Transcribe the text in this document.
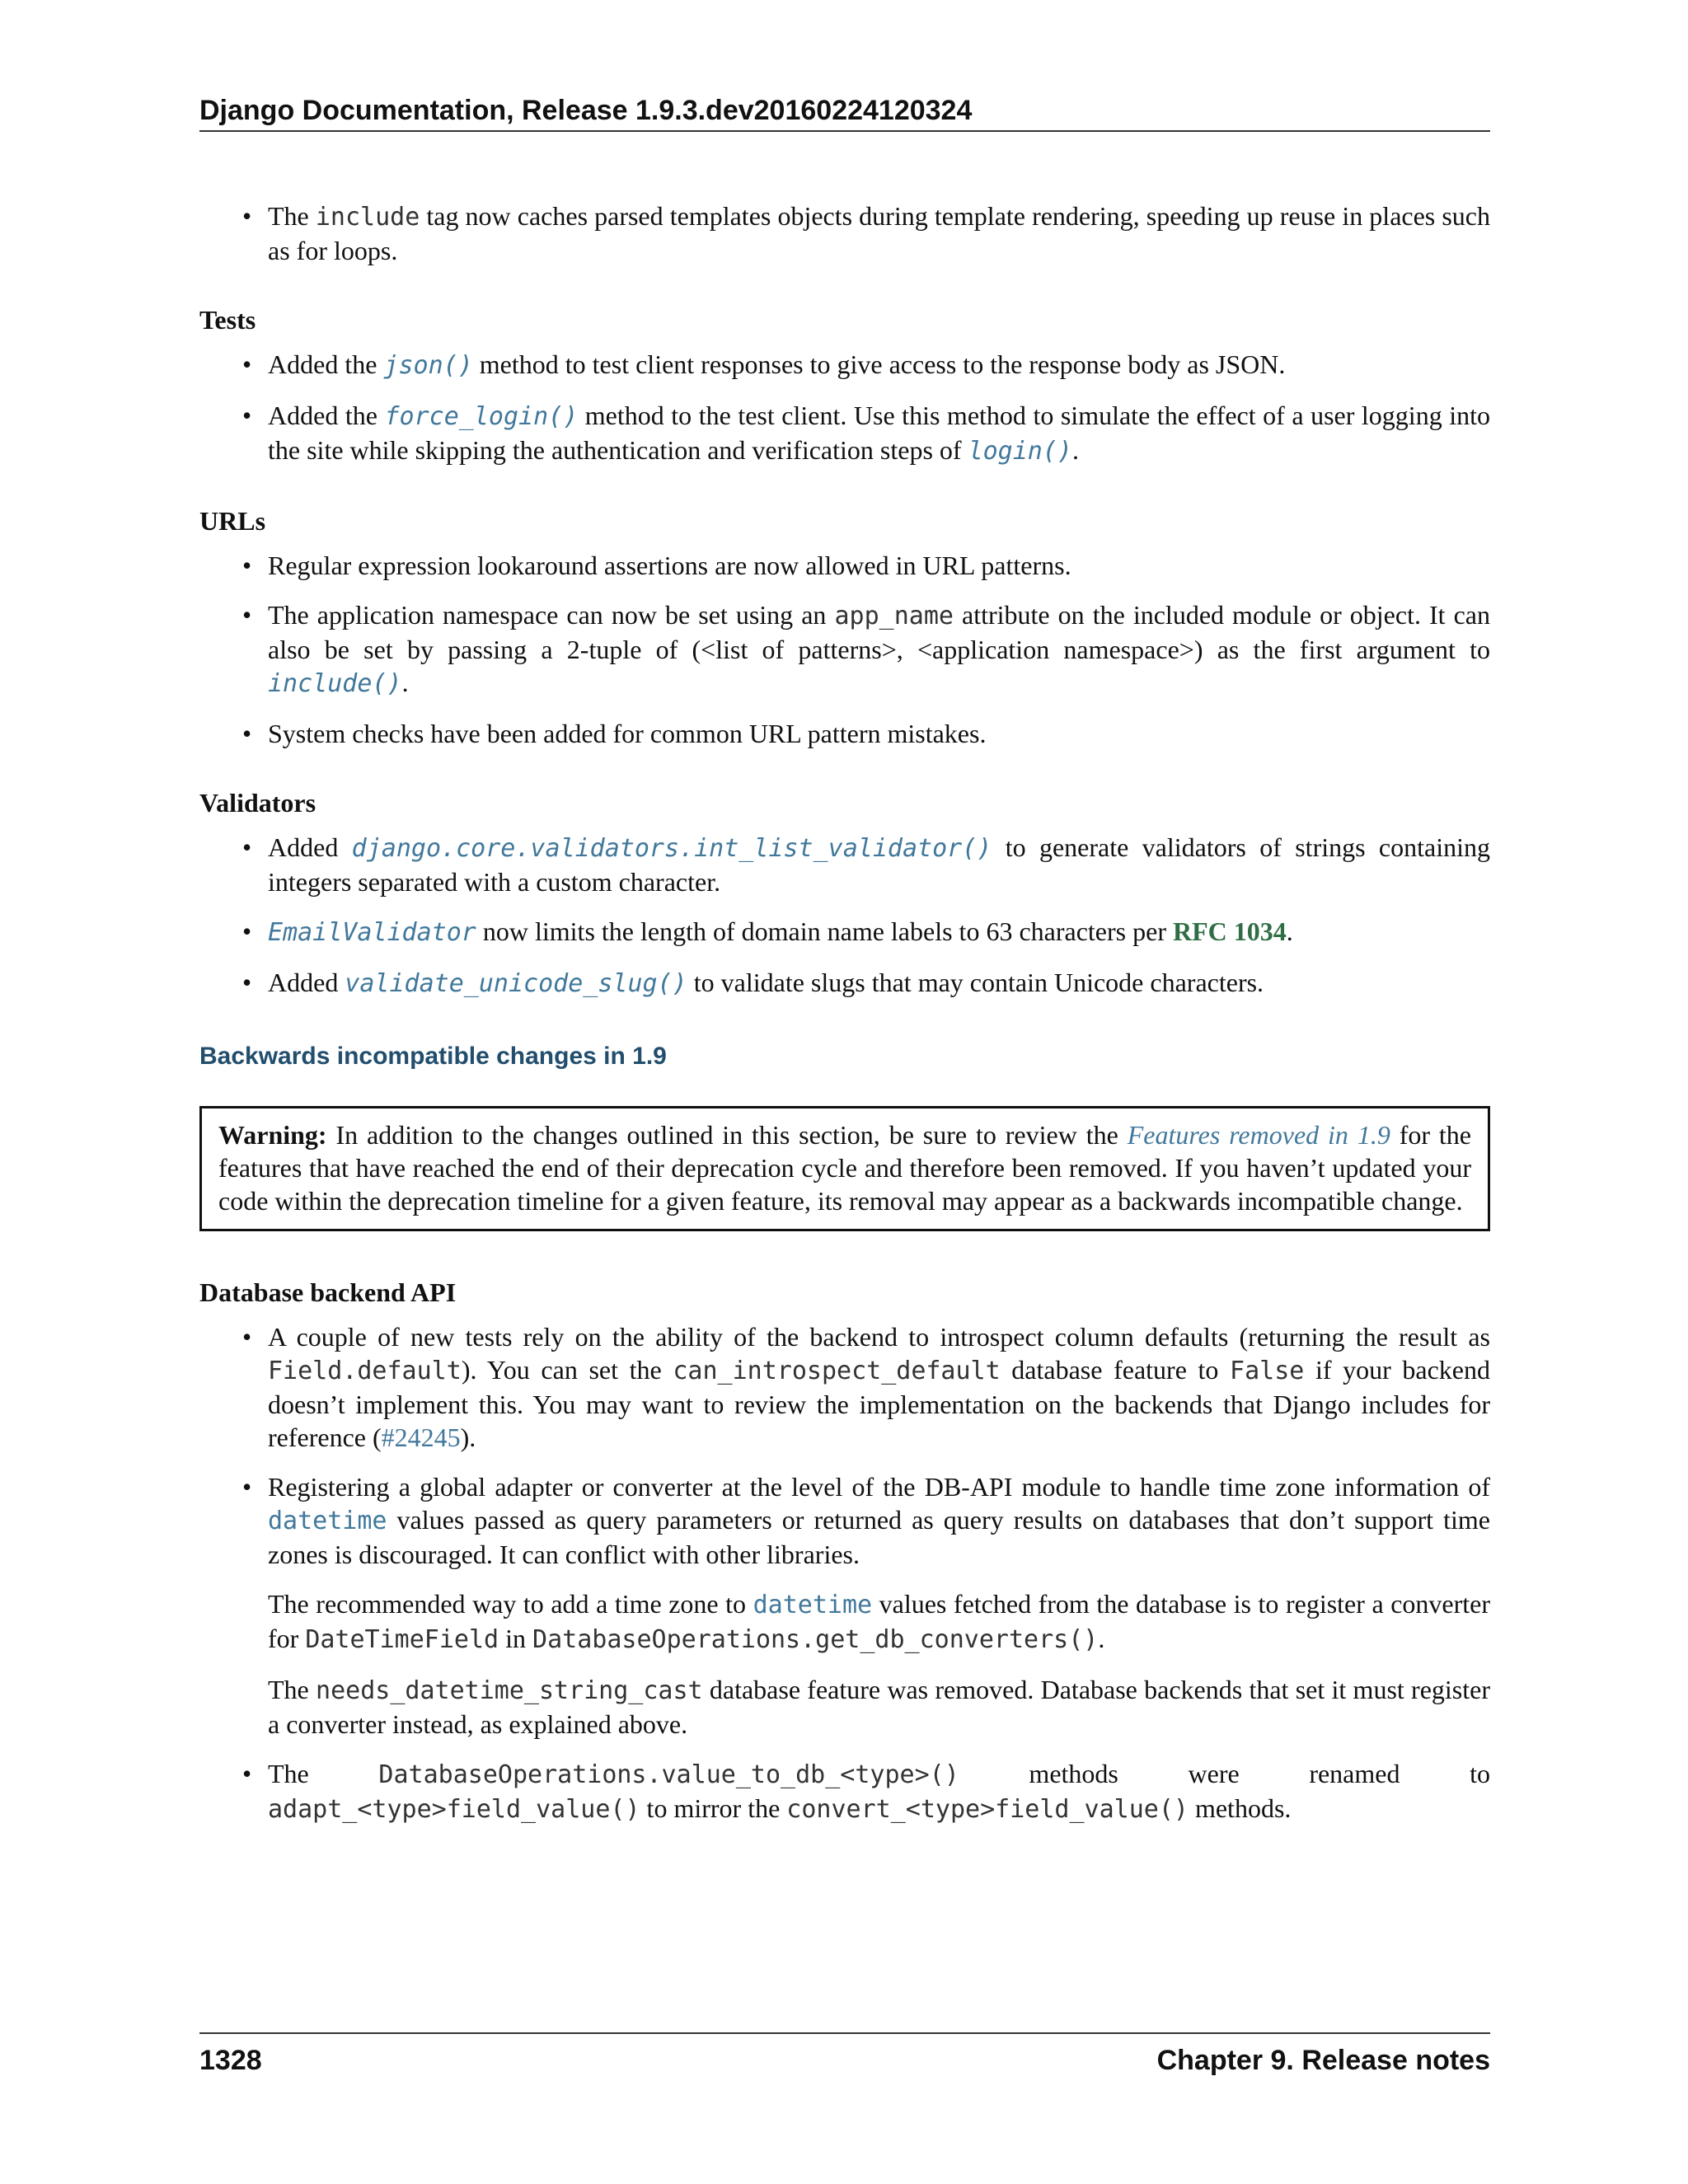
Django Documentation, Release 1.9.3.dev20160224120324
• The include tag now caches parsed templates objects during template rendering, speeding up reuse in places such as for loops.
Tests
• Added the json() method to test client responses to give access to the response body as JSON.
• Added the force_login() method to the test client. Use this method to simulate the effect of a user logging into the site while skipping the authentication and verification steps of login().
URLs
• Regular expression lookaround assertions are now allowed in URL patterns.
• The application namespace can now be set using an app_name attribute on the included module or object. It can also be set by passing a 2-tuple of (<list of patterns>, <application namespace>) as the first argument to include().
• System checks have been added for common URL pattern mistakes.
Validators
• Added django.core.validators.int_list_validator() to generate validators of strings containing integers separated with a custom character.
• EmailValidator now limits the length of domain name labels to 63 characters per RFC 1034.
• Added validate_unicode_slug() to validate slugs that may contain Unicode characters.
Backwards incompatible changes in 1.9
Warning: In addition to the changes outlined in this section, be sure to review the Features removed in 1.9 for the features that have reached the end of their deprecation cycle and therefore been removed. If you haven’t updated your code within the deprecation timeline for a given feature, its removal may appear as a backwards incompatible change.
Database backend API
• A couple of new tests rely on the ability of the backend to introspect column defaults (returning the result as Field.default). You can set the can_introspect_default database feature to False if your backend doesn’t implement this. You may want to review the implementation on the backends that Django includes for reference (#24245).
• Registering a global adapter or converter at the level of the DB-API module to handle time zone information of datetime values passed as query parameters or returned as query results on databases that don’t support time zones is discouraged. It can conflict with other libraries.

The recommended way to add a time zone to datetime values fetched from the database is to register a converter for DateTimeField in DatabaseOperations.get_db_converters().

The needs_datetime_string_cast database feature was removed. Database backends that set it must register a converter instead, as explained above.

• The DatabaseOperations.value_to_db_<type>() methods were renamed to adapt_<type>field_value() to mirror the convert_<type>field_value() methods.
1328	Chapter 9. Release notes
